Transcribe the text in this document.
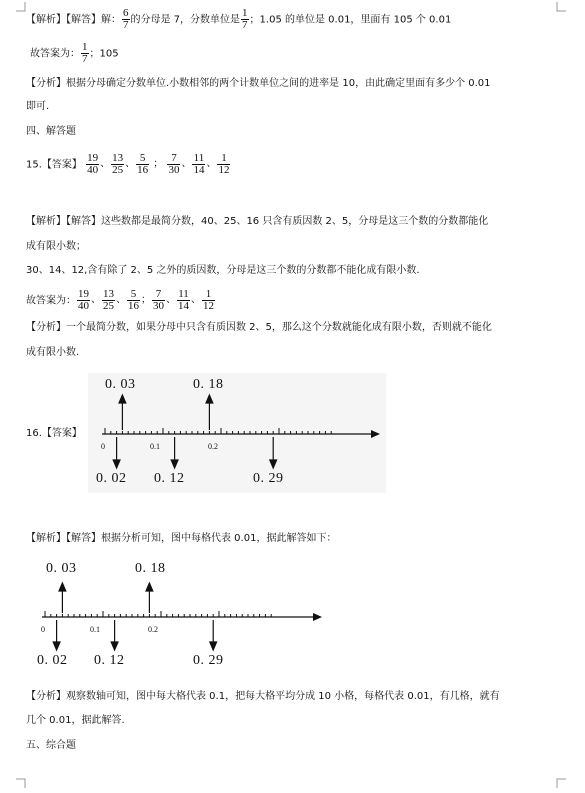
【解析】【解答】解： $\frac{6}{7}$ 的分母是 7，分数单位是 $\frac{1}{7}$ ；1.05 的单位是 0.01，里面有 105 个 0.01
故答案为： $\frac{1}{7}$ ；105
【分析】根据分母确定分数单位.小数相邻的两个计数单位之间的进率是 10，由此确定里面有多少个 0.01
即可.
四、解答题
15.【答案】 $\frac{19}{40}$ 、 $\frac{13}{25}$ 、 $\frac{5}{16}$ ； $\frac{7}{30}$ 、 $\frac{11}{14}$ 、 $\frac{1}{12}$
【解析】【解答】这些数都是最简分数，40、25、16 只含有质因数 2、5，分母是这三个数的分数都能化
成有限小数；
30、14、12,含有除了 2、5 之外的质因数，分母是这三个数的分数都不能化成有限小数.
故答案为： $\frac{19}{40}$ 、 $\frac{13}{25}$ 、 $\frac{5}{16}$ ； $\frac{7}{30}$ 、 $\frac{11}{14}$ 、 $\frac{1}{12}$
【分析】一个最简分数，如果分母中只含有质因数 2、5，那么这个分数就能化成有限小数，否则就不能化
成有限小数.
16.【答案】
0. 03	0. 18
0	0.1	0.2
0. 02 0. 12	0. 29
【解析】【解答】根据分析可知，图中每格代表 0.01，据此解答如下：
0. 03	0. 18
0	0.1	0.2
0. 02 0. 12	0. 29
【分析】观察数轴可知，图中每大格代表 0.1，把每大格平均分成 10 小格，每格代表 0.01，有几格，就有
几个 0.01，据此解答.
五、综合题
